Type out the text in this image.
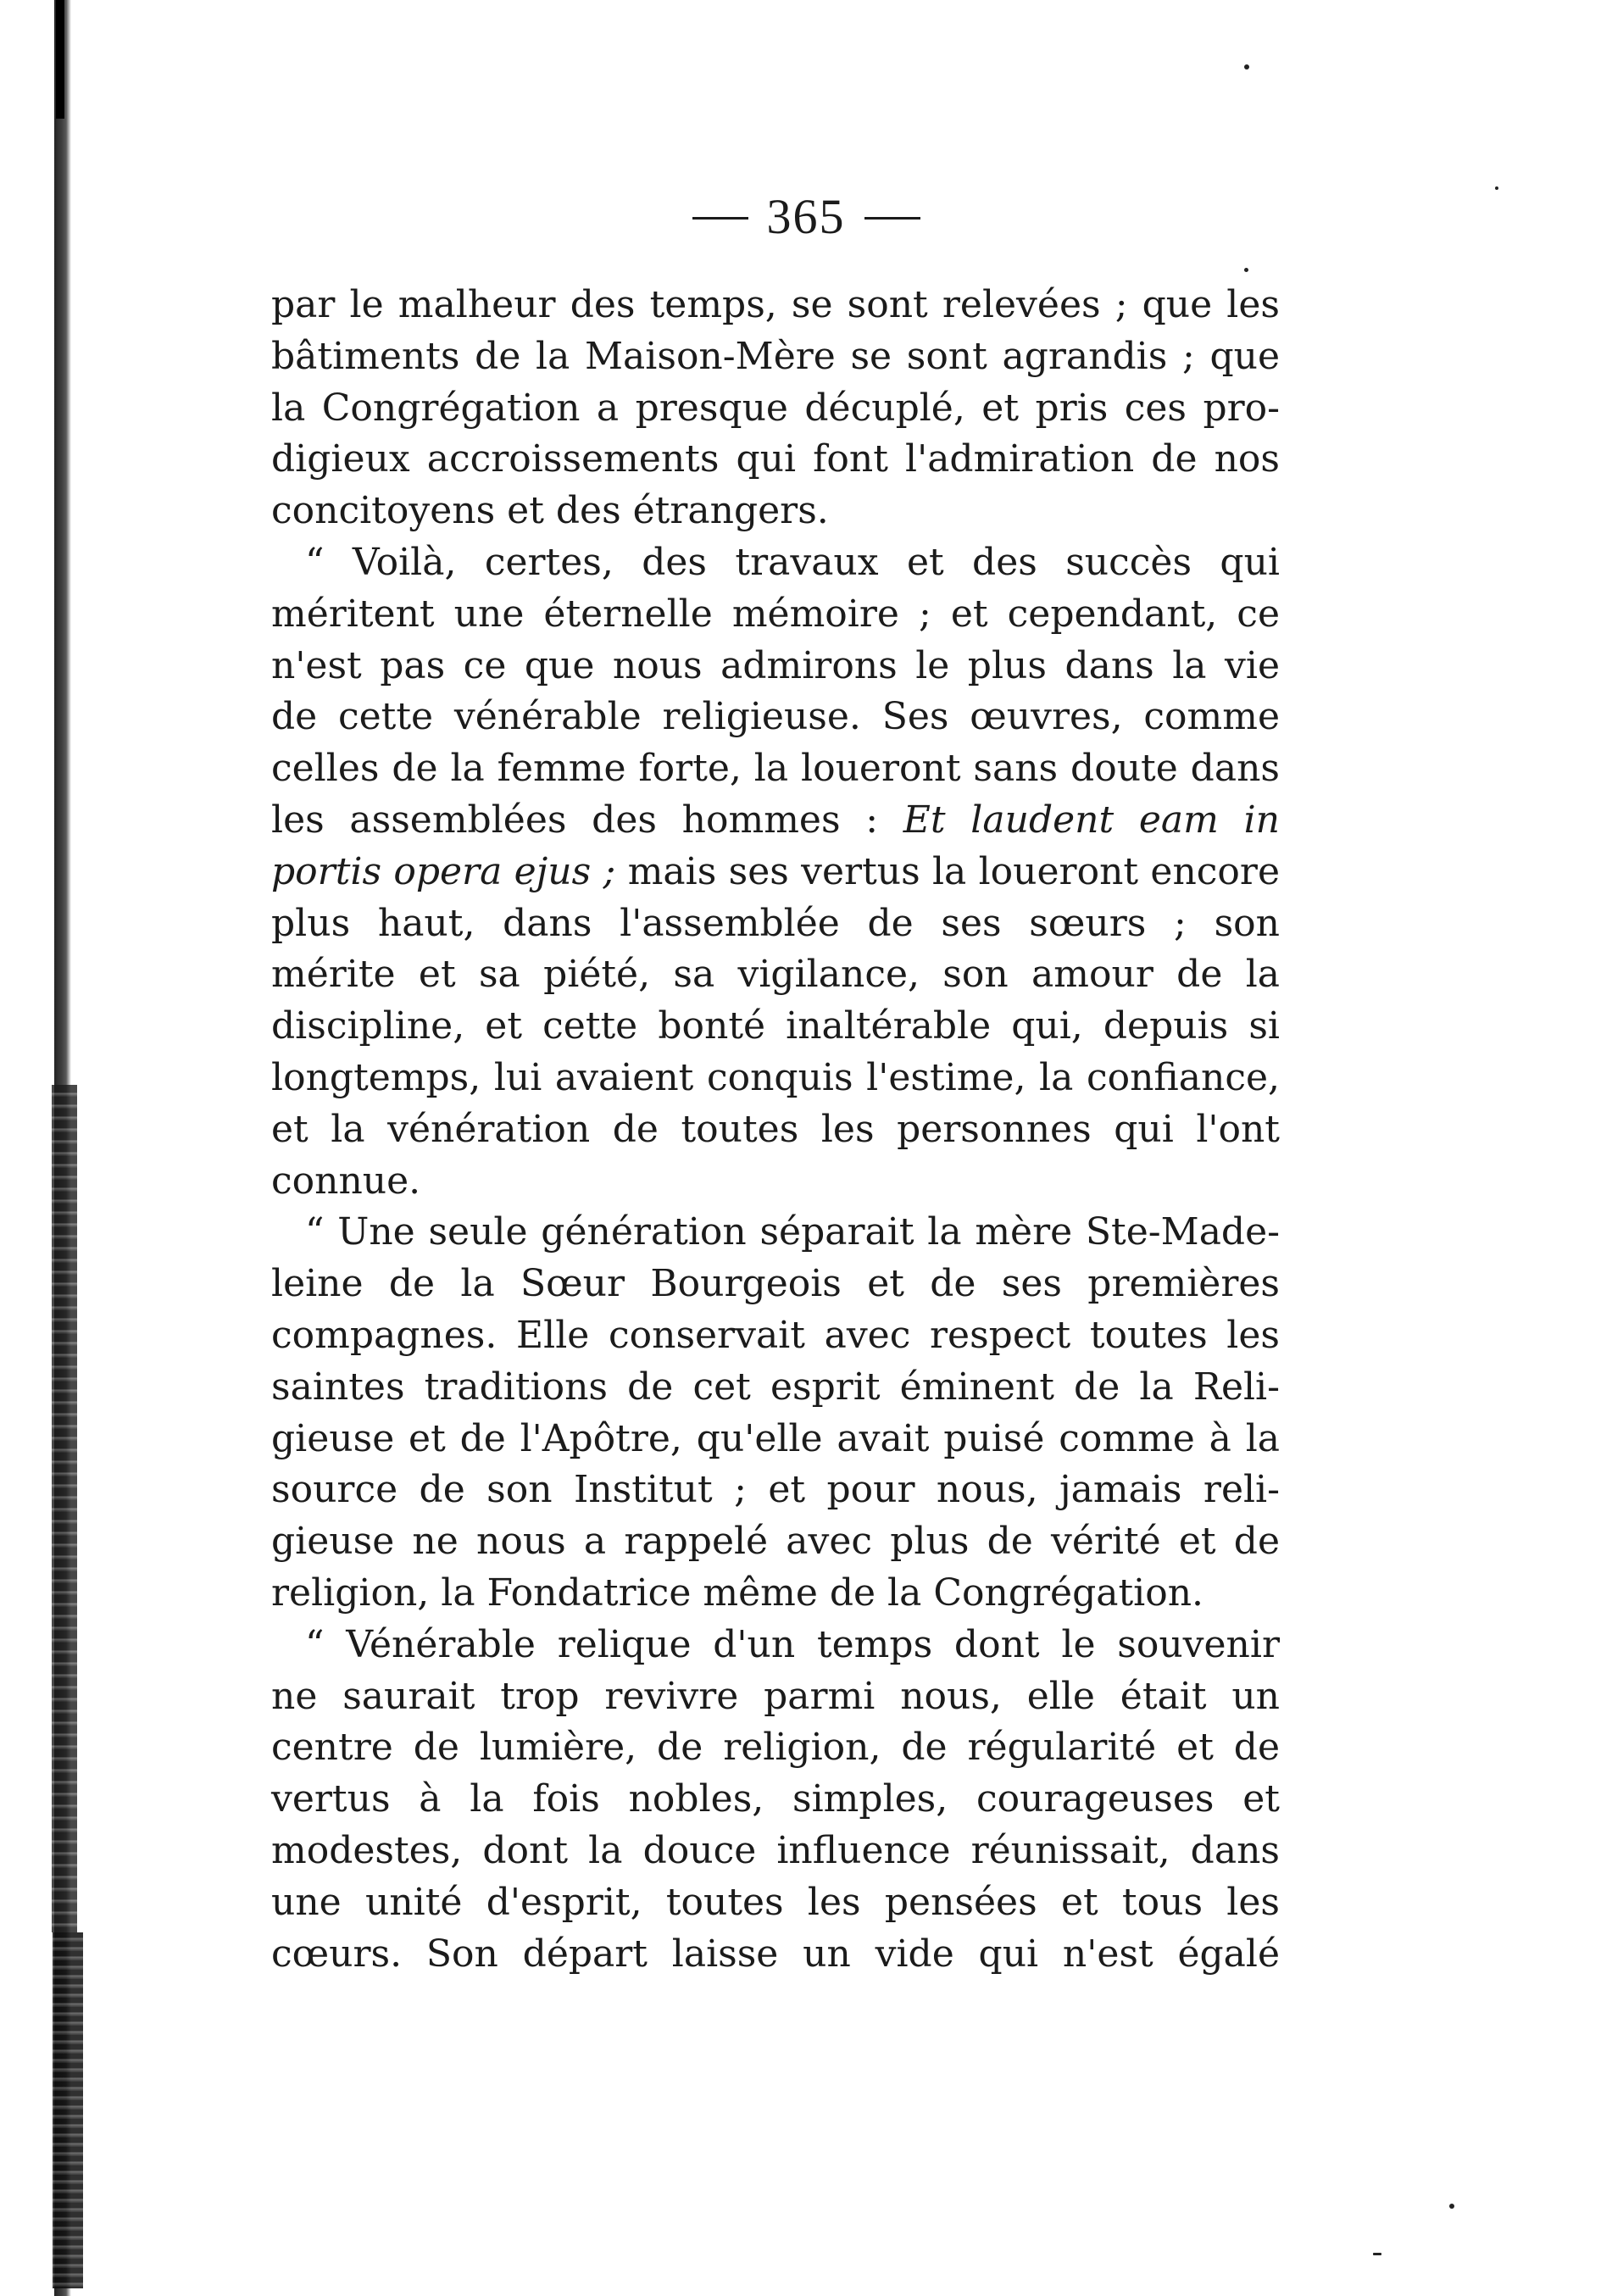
365
par le malheur des temps, se sont relevées ; que les
bâtiments de la Maison-Mère se sont agrandis ; que
la Congrégation a presque décuplé, et pris ces pro-
digieux accroissements qui font l'admiration de nos
concitoyens et des étrangers.
“ Voilà, certes, des travaux et des succès qui
méritent une éternelle mémoire ; et cependant, ce
n'est pas ce que nous admirons le plus dans la vie
de cette vénérable religieuse. Ses œuvres, comme
celles de la femme forte, la loueront sans doute dans
les assemblées des hommes : Et laudent eam in
portis opera ejus ; mais ses vertus la loueront encore
plus haut, dans l'assemblée de ses sœurs ; son
mérite et sa piété, sa vigilance, son amour de la
discipline, et cette bonté inaltérable qui, depuis si
longtemps, lui avaient conquis l'estime, la confiance,
et la vénération de toutes les personnes qui l'ont
connue.
“ Une seule génération séparait la mère Ste-Made-
leine de la Sœur Bourgeois et de ses premières
compagnes. Elle conservait avec respect toutes les
saintes traditions de cet esprit éminent de la Reli-
gieuse et de l'Apôtre, qu'elle avait puisé comme à la
source de son Institut ; et pour nous, jamais reli-
gieuse ne nous a rappelé avec plus de vérité et de
religion, la Fondatrice même de la Congrégation.
“ Vénérable relique d'un temps dont le souvenir
ne saurait trop revivre parmi nous, elle était un
centre de lumière, de religion, de régularité et de
vertus à la fois nobles, simples, courageuses et
modestes, dont la douce influence réunissait, dans
une unité d'esprit, toutes les pensées et tous les
cœurs. Son départ laisse un vide qui n'est égalé
